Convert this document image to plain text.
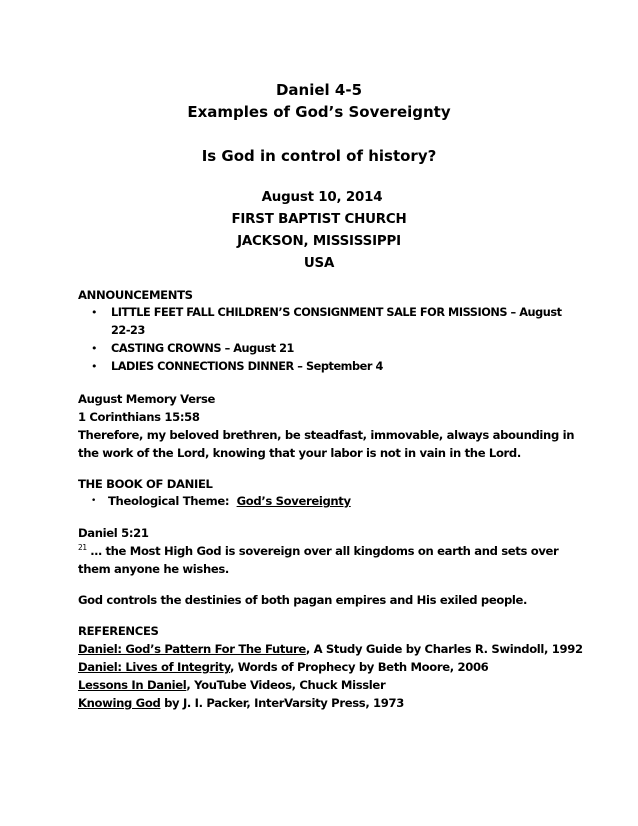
Daniel 4-5
Examples of God’s Sovereignty
Is God in control of history?
August 10, 2014
FIRST BAPTIST CHURCH
JACKSON, MISSISSIPPI
USA
ANNOUNCEMENTS
• LITTLE FEET FALL CHILDREN’S CONSIGNMENT SALE FOR MISSIONS – August
22-23
• CASTING CROWNS – August 21
• LADIES CONNECTIONS DINNER – September 4
August Memory Verse
1 Corinthians 15:58
Therefore, my beloved brethren, be steadfast, immovable, always abounding in
the work of the Lord, knowing that your labor is not in vain in the Lord.
THE BOOK OF DANIEL
• Theological Theme: God’s Sovereignty
Daniel 5:21
$^{21}$ … the Most High God is sovereign over all kingdoms on earth and sets over
them anyone he wishes.
God controls the destinies of both pagan empires and His exiled people.
REFERENCES
Daniel: God’s Pattern For The Future, A Study Guide by Charles R. Swindoll, 1992
Daniel: Lives of Integrity, Words of Prophecy by Beth Moore, 2006
Lessons In Daniel, YouTube Videos, Chuck Missler
Knowing God by J. I. Packer, InterVarsity Press, 1973
